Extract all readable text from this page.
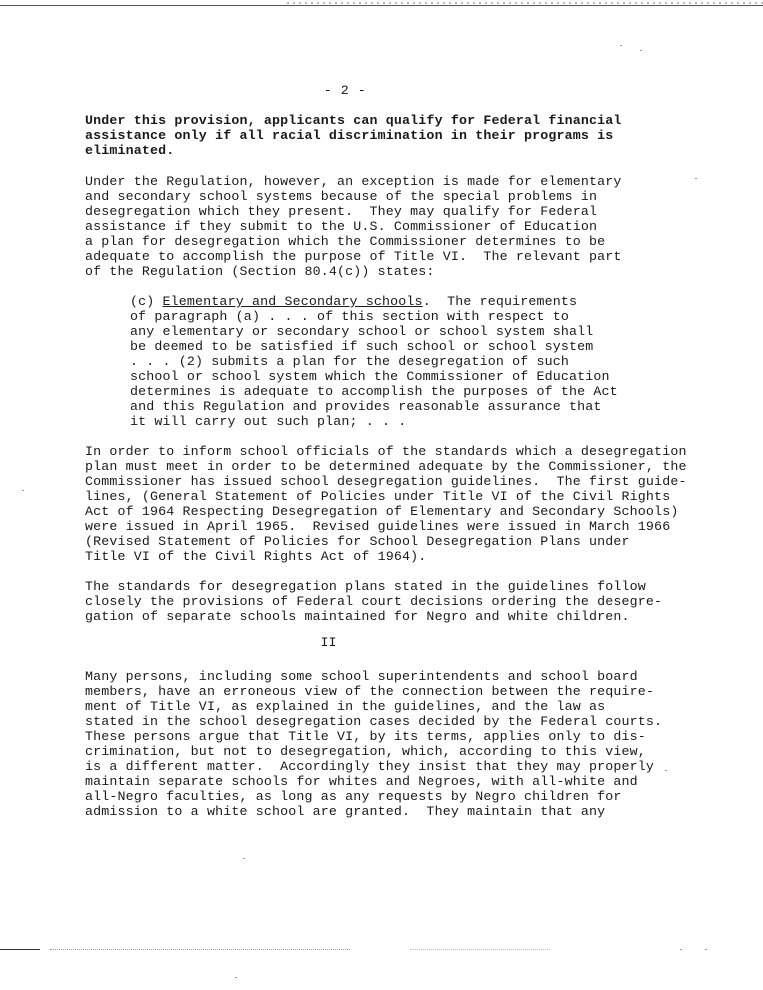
- 2 -

Under this provision, applicants can qualify for Federal financial
assistance only if all racial discrimination in their programs is
eliminated.

Under the Regulation, however, an exception is made for elementary
and secondary school systems because of the special problems in
desegregation which they present.  They may qualify for Federal
assistance if they submit to the U.S. Commissioner of Education
a plan for desegregation which the Commissioner determines to be
adequate to accomplish the purpose of Title VI.  The relevant part
of the Regulation (Section 80.4(c)) states:

(c) Elementary and Secondary schools.  The requirements
of paragraph (a) . . . of this section with respect to
any elementary or secondary school or school system shall
be deemed to be satisfied if such school or school system
. . . (2) submits a plan for the desegregation of such
school or school system which the Commissioner of Education
determines is adequate to accomplish the purposes of the Act
and this Regulation and provides reasonable assurance that
it will carry out such plan; . . .

In order to inform school officials of the standards which a desegregation
plan must meet in order to be determined adequate by the Commissioner, the
Commissioner has issued school desegregation guidelines.  The first guide-
lines, (General Statement of Policies under Title VI of the Civil Rights
Act of 1964 Respecting Desegregation of Elementary and Secondary Schools)
were issued in April 1965.  Revised guidelines were issued in March 1966
(Revised Statement of Policies for School Desegregation Plans under
Title VI of the Civil Rights Act of 1964).

The standards for desegregation plans stated in the guidelines follow
closely the provisions of Federal court decisions ordering the desegre-
gation of separate schools maintained for Negro and white children.

II

Many persons, including some school superintendents and school board
members, have an erroneous view of the connection between the require-
ment of Title VI, as explained in the guidelines, and the law as
stated in the school desegregation cases decided by the Federal courts.
These persons argue that Title VI, by its terms, applies only to dis-
crimination, but not to desegregation, which, according to this view,
is a different matter.  Accordingly they insist that they may properly
maintain separate schools for whites and Negroes, with all-white and
all-Negro faculties, as long as any requests by Negro children for
admission to a white school are granted.  They maintain that any
